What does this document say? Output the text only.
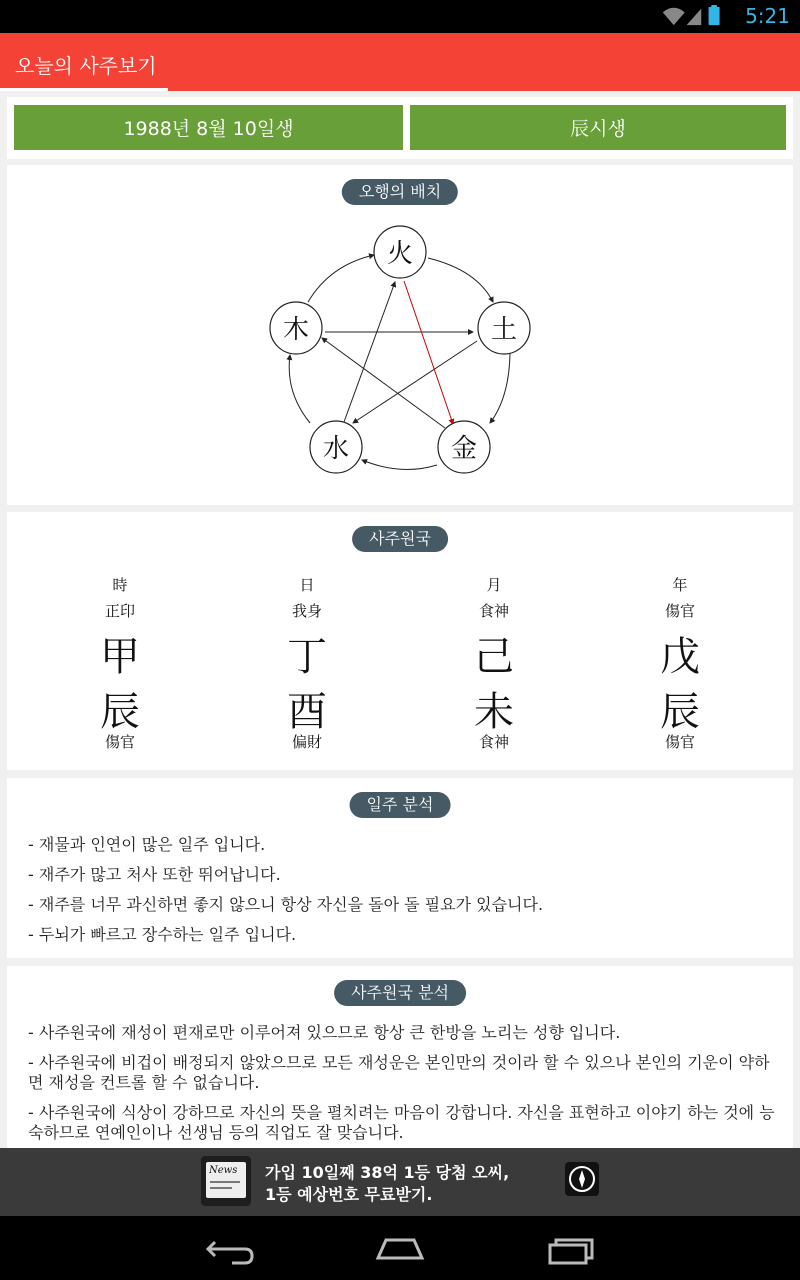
5:21
오늘의 사주보기
1988년 8월 10일생	辰시생
오행의 배치
火
土
金
水
木
사주원국
時
正印
甲
辰
傷官
日
我身
丁
酉
偏財
月
食神
己
未
食神
年
傷官
戊
辰
傷官
일주 분석
- 재물과 인연이 많은 일주 입니다.
- 재주가 많고 처사 또한 뛰어납니다.
- 재주를 너무 과신하면 좋지 않으니 항상 자신을 돌아 돌 필요가 있습니다.
- 두뇌가 빠르고 장수하는 일주 입니다.
사주원국 분석
- 사주원국에 재성이 편재로만 이루어져 있으므로 항상 큰 한방을 노리는 성향 입니다.
- 사주원국에 비겁이 배정되지 않았으므로 모든 재성운은 본인만의 것이라 할 수 있으나 본인의 기운이 약하면 재성을 컨트롤 할 수 없습니다.
- 사주원국에 식상이 강하므로 자신의 뜻을 펼치려는 마음이 강합니다. 자신을 표현하고 이야기 하는 것에 능숙하므로 연예인이나 선생님 등의 직업도 잘 맞습니다.
News 가입 10일째 38억 1등 당첨 오씨,
1등 예상번호 무료받기.
